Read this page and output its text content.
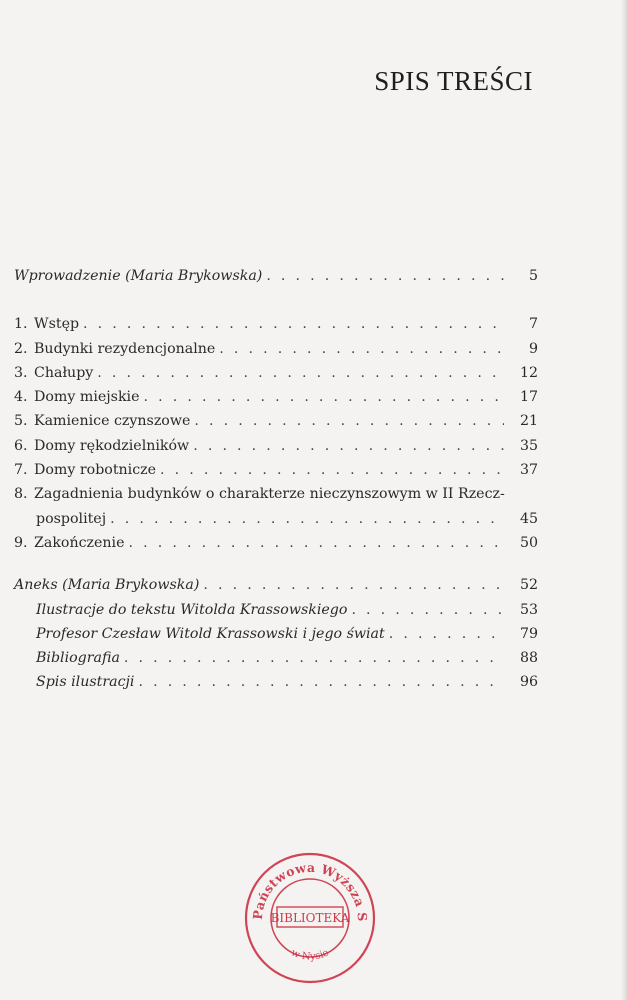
SPIS TREŚCI
Wprowadzenie (Maria Brykowska) . . .	5
1. Wstęp . . .	7
2. Budynki rezydencjonalne . . .	9
3. Chałupy . . .	12
4. Domy miejskie . . .	17
5. Kamienice czynszowe . . .	21
6. Domy rękodzielników . . .	35
7. Domy robotnicze . . .	37
8. Zagadnienia budynków o charakterze nieczynszowym w II Rzecz-
pospolitej . . .	45
9. Zakończenie . . .	50
Aneks (Maria Brykowska) . . .	52
Ilustracje do tekstu Witolda Krassowskiego . . .	53
Profesor Czesław Witold Krassowski i jego świat . . .	79
Bibliografia . . .	88
Spis ilustracji . . .	96
Państwowa Wyższa S
BIBLIOTEKA
w Nysie
